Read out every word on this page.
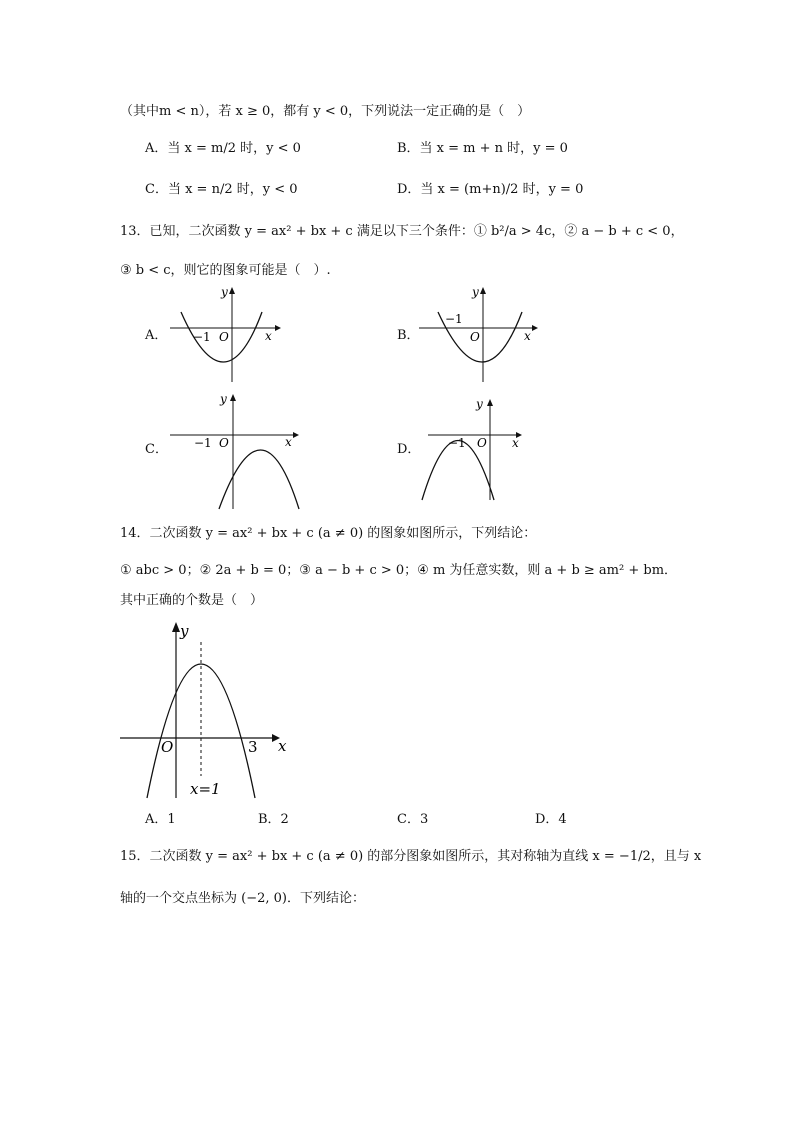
（其中m < n），若 x ≥ 0，都有 y < 0，下列说法一定正确的是（　）
A．当 x = m/2 时，y < 0	B．当 x = m + n 时，y = 0
C．当 x = n/2 时，y < 0	D．当 x = (m+n)/2 时，y = 0
13．已知，二次函数 y = ax² + bx + c 满足以下三个条件：① b²/a > 4c，② a − b + c < 0，
③ b < c，则它的图象可能是（　）.
A．	B．
C．	D．
x
y
O
−1	x
y
O
−1
x
y
O
−1	x
y
O
−1
14．二次函数 y = ax² + bx + c (a ≠ 0) 的图象如图所示，下列结论：
① abc > 0；② 2a + b = 0；③ a − b + c > 0；④ m 为任意实数，则 a + b ≥ am² + bm．
其中正确的个数是（　）
x
y
O	3
x=1
A．1	B．2	C．3	D．4
15．二次函数 y = ax² + bx + c (a ≠ 0) 的部分图象如图所示，其对称轴为直线 x = −1/2，且与 x
轴的一个交点坐标为 (−2, 0)．下列结论：
